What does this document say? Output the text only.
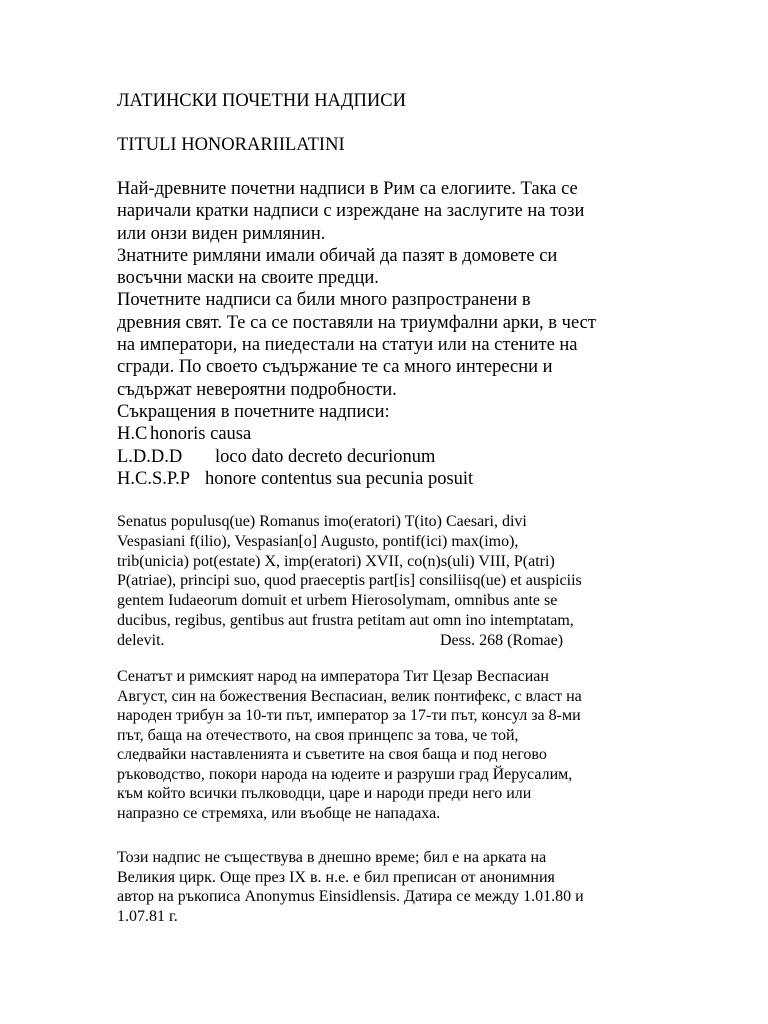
ЛАТИНСКИ ПОЧЕТНИ НАДПИСИ
TITULI HONORARIILATINI
Най-древните почетни надписи в Рим са елогиите. Така се
наричали кратки надписи с изреждане на заслугите на този
или онзи виден римлянин.
Знатните римляни имали обичай да пазят в домовете си
восъчни маски на своите предци.
Почетните надписи са били много разпространени в
древния свят. Те са се поставяли на триумфални арки, в чест
на императори, на пиедестали на статуи или на стените на
сгради. По своето съдържание те са много интересни и
съдържат невероятни подробности.
Съкращения в почетните надписи:
H.C honoris causa
L.D.D.D loco dato decreto decurionum
H.C.S.P.P honore contentus sua pecunia posuit
Senatus populusq(ue) Romanus imo(eratori) T(ito) Caesari, divi
Vespasiani f(ilio), Vespasian[o] Augusto, pontif(ici) max(imo),
trib(unicia) pot(estate) X, imp(eratori) XVII, co(n)s(uli) VIII, P(atri)
P(atriae), principi suo, quod praeceptis part[is] consiliisq(ue) et auspiciis
gentem Iudaeorum domuit et urbem Hierosolymam, omnibus ante se
ducibus, regibus, gentibus aut frustra petitam aut omn ino intemptatam,
delevit.	Dess. 268 (Romae)
Сенатът и римският народ на императора Тит Цезар Веспасиан
Август, син на божествения Веспасиан, велик понтифекс, с власт на
народен трибун за 10-ти път, император за 17-ти път, консул за 8-ми
път, баща на отечеството, на своя принцепс за това, че той,
следвайки наставленията и съветите на своя баща и под негово
ръководство, покори народа на юдеите и разруши град Йерусалим,
към който всички пълководци, царе и народи преди него или
напразно се стремяха, или въобще не нападаха.
Този надпис не съществува в днешно време; бил е на арката на
Великия цирк. Още през IX в. н.е. е бил преписан от анонимния
автор на ръкописа Anonymus Einsidlensis. Датира се между 1.01.80 и
1.07.81 г.
